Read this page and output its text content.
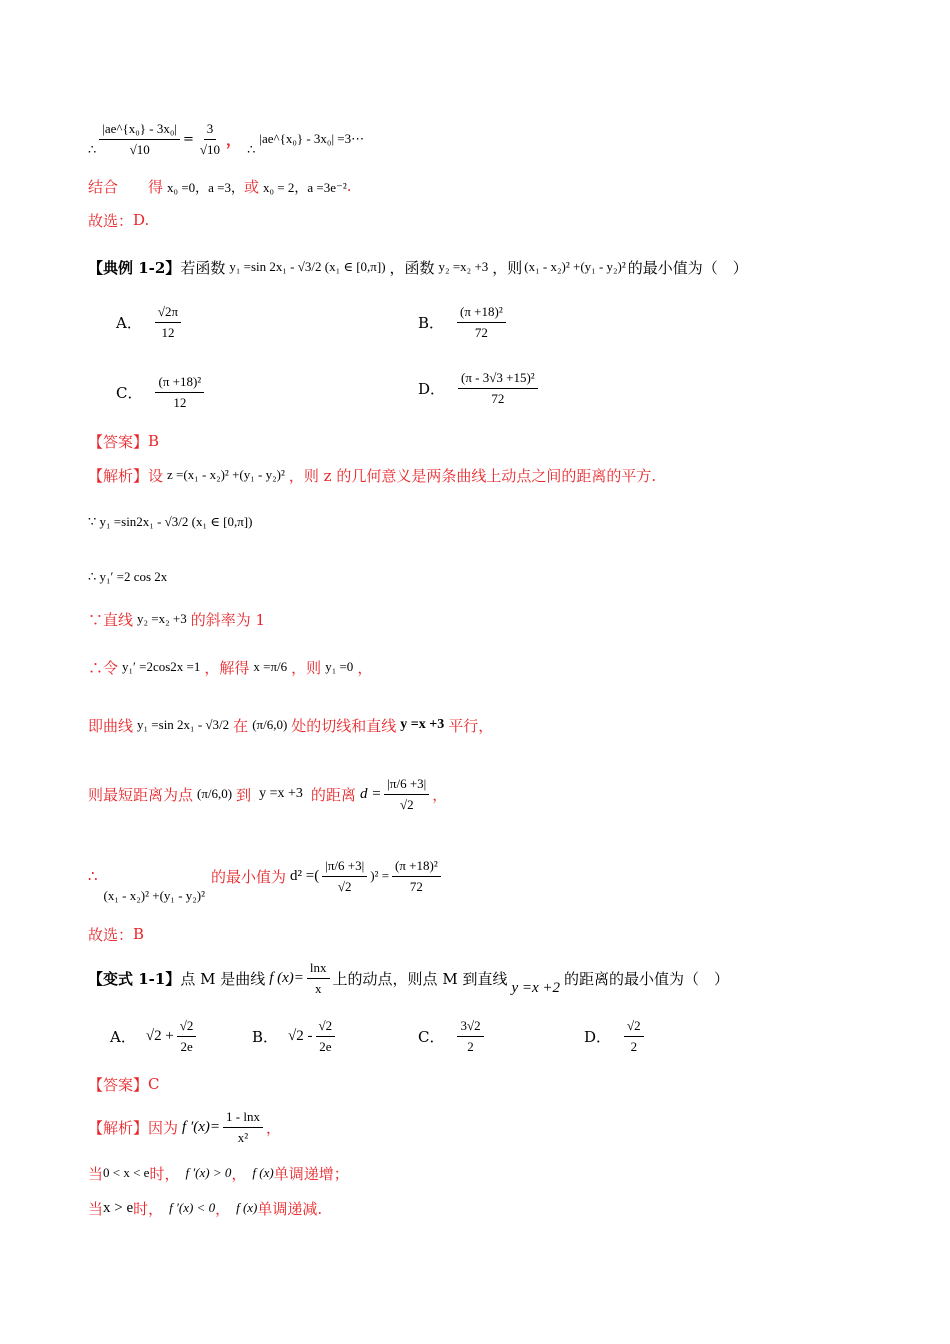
∴ $\frac{\text{|ae\textasciicircum{}\{x₀\} - 3x₀|}}{√10} = \frac{3}{√10}$ ，
∴
|ae^{x₀} - 3x₀| =3⋯
结合 得 x₀ =0，a =3， 或 x₀ = 2，a =3e⁻² .
故选： D.
【典例 1-2】 若函数 y₁ =sin 2x₁ - √3/2 (x₁ ∈ [0,π]) ，函数 y₂ =x₂ +3 ，则 (x₁ - x₂)² +(y₁ - y₂)² 的最小值为（　）
A． $\frac{√2\pi}{12}$	B． $\frac{\text{(π +18)²}}{72}$
C． $\frac{\text{(π +18)²}}{12}$	D． $\frac{\text{(π - 3√3 +15)²}}{72}$
【答案】 B
【解析】 设 z =(x₁ - x₂)² +(y₁ - y₂)² ，则 z 的几何意义是两条曲线上动点之间的距离的平方.
∵ y₁ =sin2x₁ - √3/2 (x₁ ∈ [0,π])
∴ y₁′ =2 cos 2x
∵直线 y₂ =x₂ +3 的斜率为 1
∴令 y₁′ =2cos2x =1 ，解得 x =π/6 ，则 y₁ =0 ，
即曲线 y₁ =sin 2x₁ - √3/2 在 (π/6,0) 处的切线和直线 y =x +3 平行，
则最短距离为点 (π/6,0) 到 y =x +3 的距离 $d = \frac{|\pi/6 +3|}{√2}$ ，
∴
(x₁ - x₂)² +(y₁ - y₂)²
的最小值为 d² =( $\frac{|\pi/6 +3|}{√2} )^2 = \frac{\text{(π +18)²}}{72}$
故选： B
【变式 1-1】 点 M 是曲线 f $(x)= \frac{\ln x}{x}$ 上的动点，则点 M 到直线
y =x +2
的距离的最小值为（　）
A． $√2 + \frac{√2}{2e}$	B． $√2 - \frac{√2}{2e}$	C． $\frac{3√2}{2}$	D． $\frac{√2}{2}$
【答案】 C
【解析】 因为 f $'(x)= \frac{1 - \ln x}{\text{x²}}$ ，
当 0 < x < e 时， f ′(x) > 0 ， f (x) 单调递增；
当 x > e 时， f ′(x) < 0 ， f (x) 单调递减.
